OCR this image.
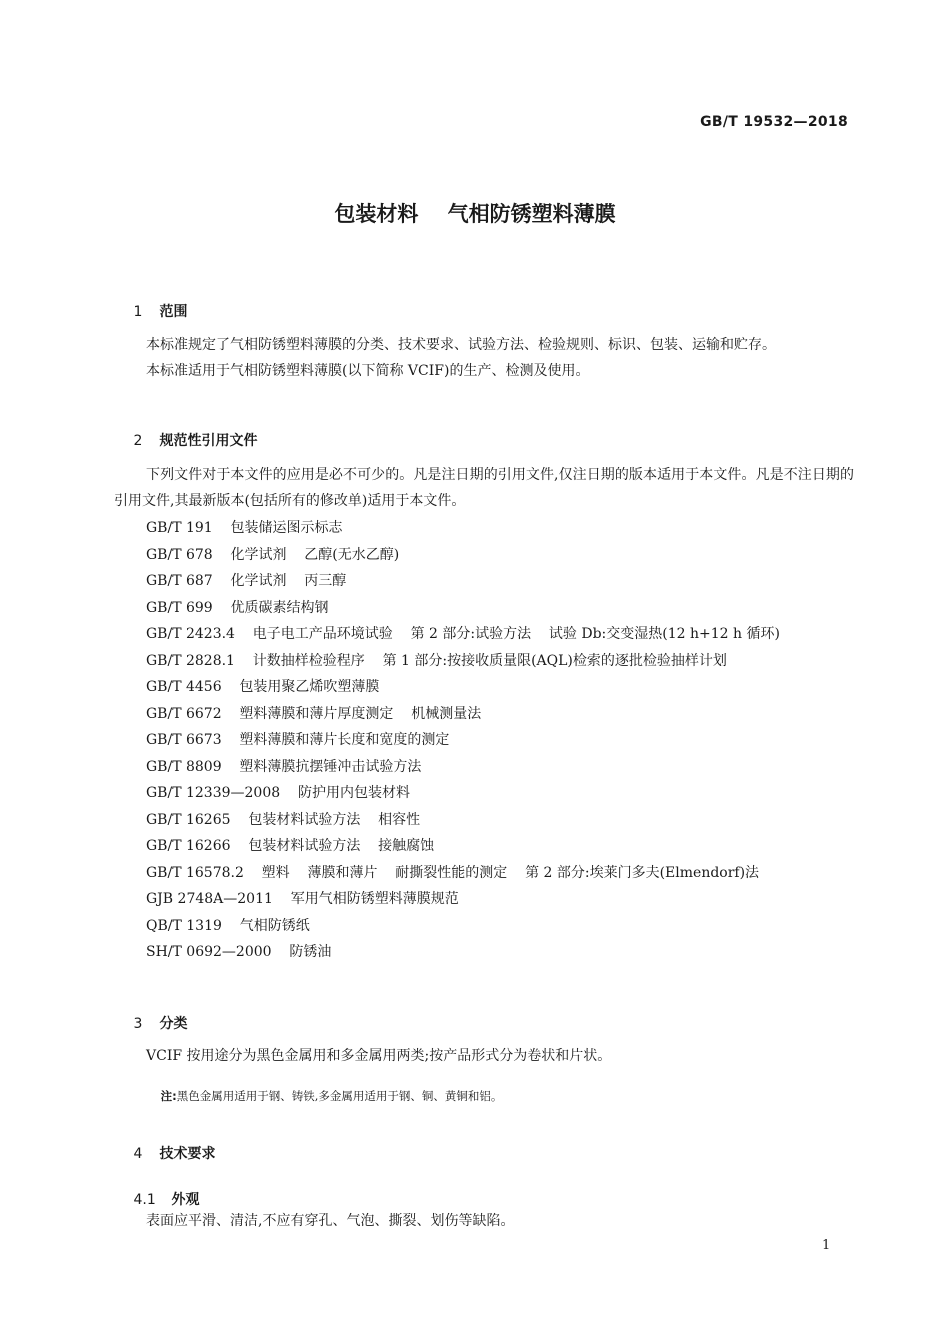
GB/T 19532—2018
包装材料    气相防锈塑料薄膜

1 范围

本标准规定了气相防锈塑料薄膜的分类、技术要求、试验方法、检验规则、标识、包装、运输和贮存。
本标准适用于气相防锈塑料薄膜(以下简称 VCIF)的生产、检测及使用。

2 规范性引用文件

下列文件对于本文件的应用是必不可少的。凡是注日期的引用文件,仅注日期的版本适用于本文件。凡是不注日期的引用文件,其最新版本(包括所有的修改单)适用于本文件。
GB/T 191    包装储运图示标志
GB/T 678    化学试剂    乙醇(无水乙醇)
GB/T 687    化学试剂    丙三醇
GB/T 699    优质碳素结构钢
GB/T 2423.4    电子电工产品环境试验    第 2 部分:试验方法    试验 Db:交变湿热(12 h+12 h 循环)
GB/T 2828.1    计数抽样检验程序    第 1 部分:按接收质量限(AQL)检索的逐批检验抽样计划
GB/T 4456    包装用聚乙烯吹塑薄膜
GB/T 6672    塑料薄膜和薄片厚度测定    机械测量法
GB/T 6673    塑料薄膜和薄片长度和宽度的测定
GB/T 8809    塑料薄膜抗摆锤冲击试验方法
GB/T 12339—2008    防护用内包装材料
GB/T 16265    包装材料试验方法    相容性
GB/T 16266    包装材料试验方法    接触腐蚀
GB/T 16578.2    塑料    薄膜和薄片    耐撕裂性能的测定    第 2 部分:埃莱门多夫(Elmendorf)法
GJB 2748A—2011    军用气相防锈塑料薄膜规范
QB/T 1319    气相防锈纸
SH/T 0692—2000    防锈油

3 分类

VCIF 按用途分为黑色金属用和多金属用两类;按产品形式分为卷状和片状。

注:黑色金属用适用于钢、铸铁,多金属用适用于钢、铜、黄铜和铝。

4 技术要求

4.1 外观

表面应平滑、清洁,不应有穿孔、气泡、撕裂、划伤等缺陷。
1
